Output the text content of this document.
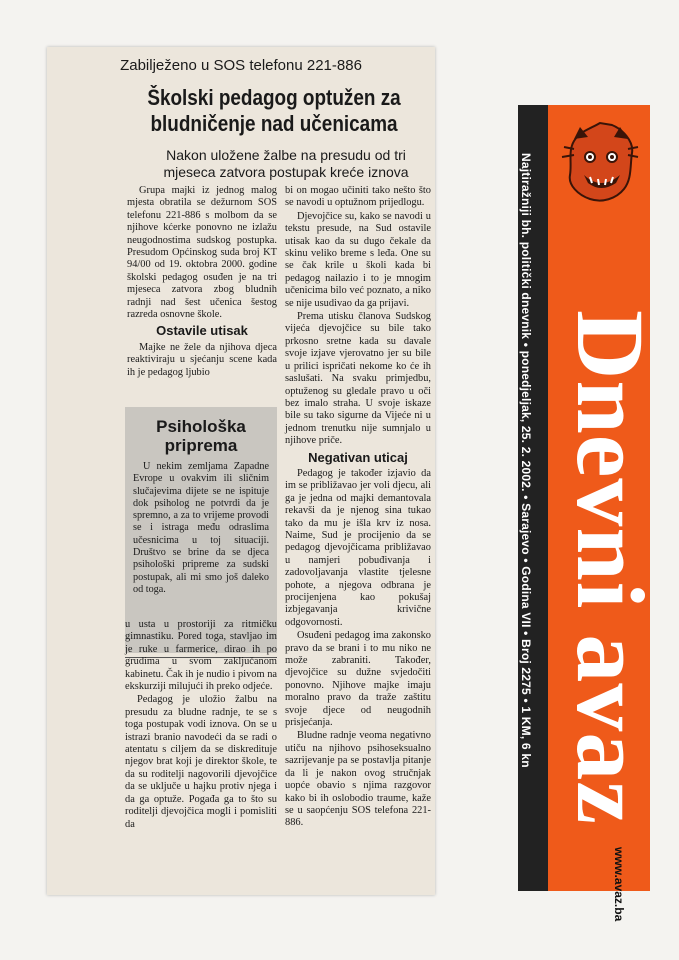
Zabilježeno u SOS telefonu 221-886
Školski pedagog optužen za bludničenje nad učenicama
Nakon uložene žalbe na presudu od tri mjeseca zatvora postupak kreće iznova

Grupa majki iz jednog malog mjesta obratila se dežurnom SOS telefonu 221-886 s molbom da se njihove kćerke ponovno ne izlažu neugodnostima sudskog postupka. Presudom Općinskog suda broj KT 94/00 od 19. oktobra 2000. godine školski pedagog osuđen je na tri mjeseca zatvora zbog bludnih radnji nad šest učenica šestog razreda osnovne škole.

Ostavile utisak

Majke ne žele da njihova djeca reaktiviraju u sjećanju scene kada ih je pedagog ljubio

Psihološka priprema

U nekim zemljama Zapadne Evrope u ovakvim ili sličnim slučajevima dijete se ne ispituje dok psiholog ne potvrdi da je spremno, a za to vrijeme provodi se i istraga među odraslima učesnicima u toj situaciji. Društvo se brine da se djeca psihološki pripreme za sudski postupak, ali mi smo još daleko od toga.

u usta u prostoriji za ritmičku gimnastiku. Pored toga, stavljao im je ruke u farmerice, dirao ih po grudima u svom zaključanom kabinetu. Čak ih je nudio i pivom na ekskurziji milujući ih preko odjeće.

Pedagog je uložio žalbu na presudu za bludne radnje, te se s toga postupak vodi iznova. On se u istrazi branio navodeći da se radi o atentatu s ciljem da se diskredituje njegov brat koji je direktor škole, te da su roditelji nagovorili djevojčice da se uključe u hajku protiv njega i da ga optuže. Pogađa ga to što su roditelji djevojčica mogli i pomisliti da

bi on mogao učiniti tako nešto što se navodi u optužnom prijedlogu.

Djevojčice su, kako se navodi u tekstu presude, na Sud ostavile utisak kao da su dugo čekale da skinu veliko breme s leđa. One su se čak krile u školi kada bi pedagog nailazio i to je mnogim učenicima bilo već poznato, a niko se nije usudivao da ga prijavi.

Prema utisku članova Sudskog vijeća djevojčice su bile tako prkosno sretne kada su davale svoje izjave vjerovatno jer su bile u prilici ispričati nekome ko će ih saslušati. Na svaku primjedbu, optuženog su gledale pravo u oči bez imalo straha. U svoje iskaze bile su tako sigurne da Vijeće ni u jednom trenutku nije sumnjalo u njihove priče.

Negativan uticaj

Pedagog je također izjavio da im se približavao jer voli djecu, ali ga je jedna od majki demantovala rekavši da je njenog sina tukao tako da mu je išla krv iz nosa. Naime, Sud je procijenio da se pedagog djevojčicama približavao u namjeri pobuđivanja i zadovoljavanja vlastite tjelesne pohote, a njegova odbrana je procijenjena kao pokušaj izbjegavanja krivične odgovornosti.

Osuđeni pedagog ima zakonsko pravo da se brani i to mu niko ne može zabraniti. Također, djevojčice su dužne svjedočiti ponovno. Njihove majke imaju moralno pravo da traže zaštitu svoje djece od neugodnih prisjećanja.

Bludne radnje veoma negativno utiču na njihovo psihoseksualno sazrijevanje pa se postavlja pitanje da li je nakon ovog stručnjak uopće obavio s njima razgovor kako bi ih oslobodio traume, kaže se u saopćenju SOS telefona 221-886.

Najtiražniji bh. politički dnevnik • ponedjeljak, 25. 2. 2002. • Sarajevo • Godina VII • Broj 2275 • 1 KM, 6 kn Dnevni avaz
www.avaz.ba
